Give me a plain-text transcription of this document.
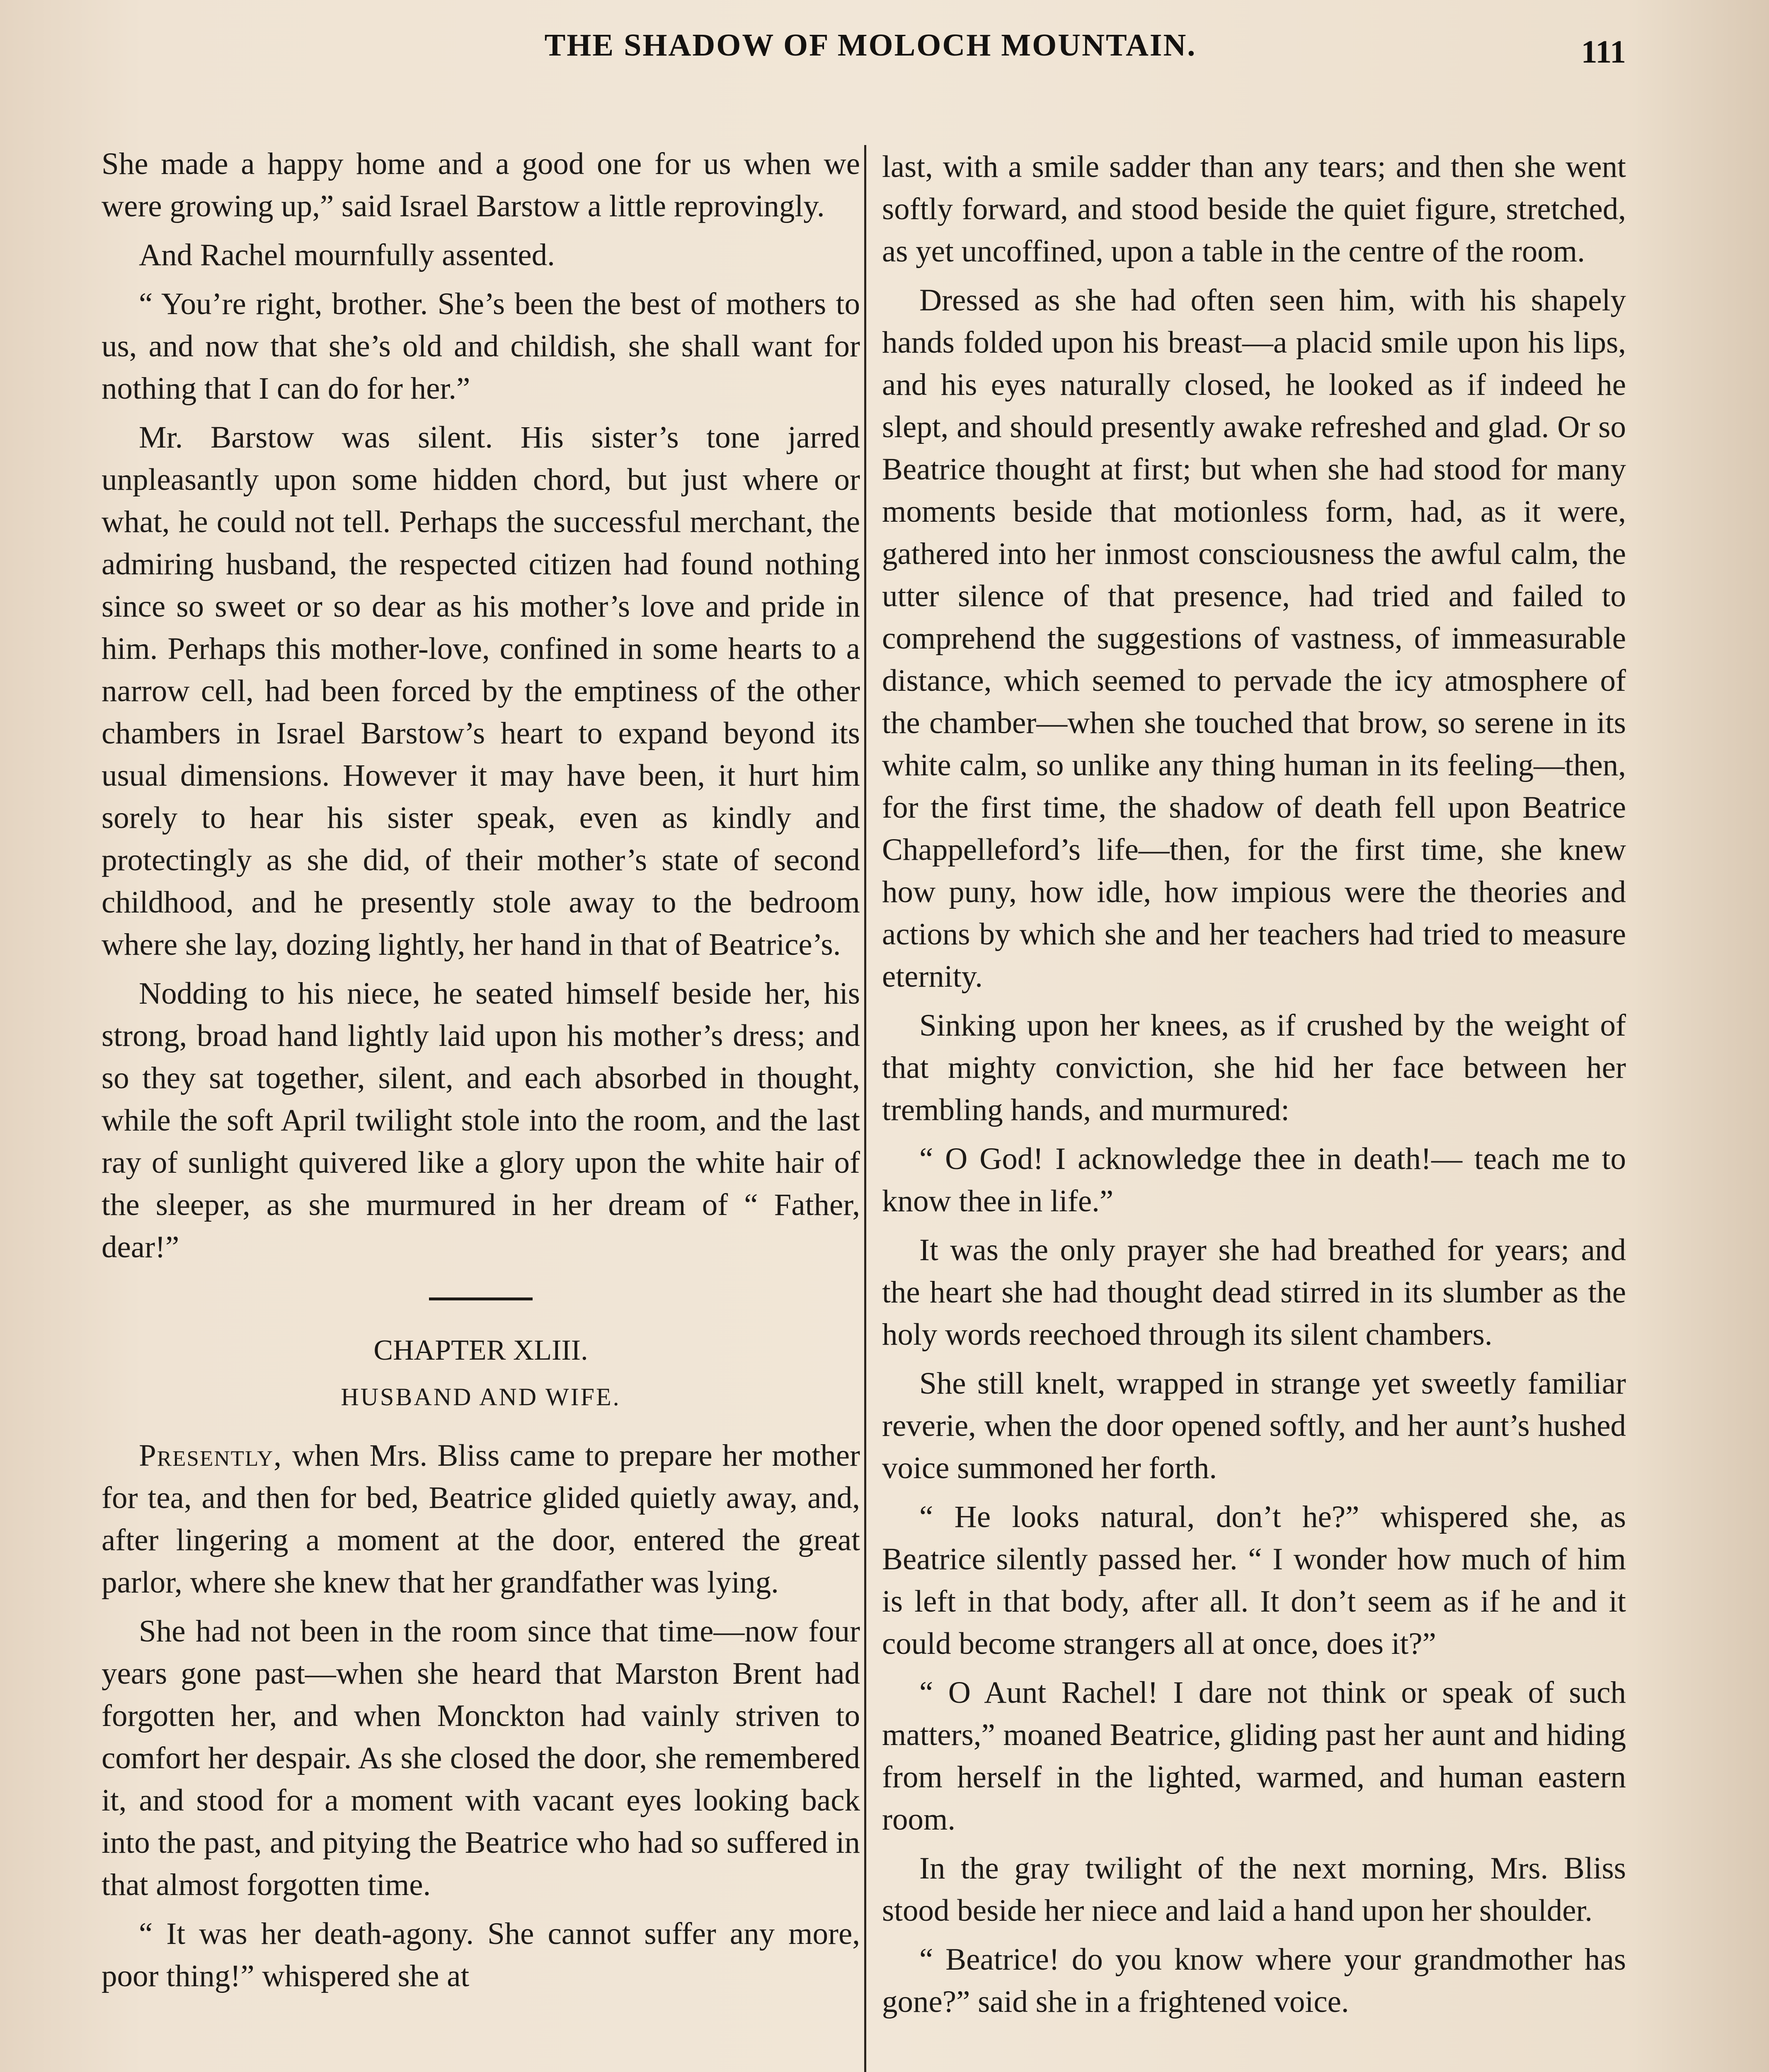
THE SHADOW OF MOLOCH MOUNTAIN.	111

She made a happy home and a good one for us when we were growing up,” said Israel Barstow a little reprovingly.

And Rachel mournfully assented.

“ You’re right, brother. She’s been the best of mothers to us, and now that she’s old and childish, she shall want for nothing that I can do for her.”

Mr. Barstow was silent. His sister’s tone jarred unpleasantly upon some hidden chord, but just where or what, he could not tell. Perhaps the successful merchant, the admiring husband, the respected citizen had found nothing since so sweet or so dear as his mother’s love and pride in him. Perhaps this mother-love, confined in some hearts to a narrow cell, had been forced by the emptiness of the other chambers in Israel Barstow’s heart to expand beyond its usual dimensions. However it may have been, it hurt him sorely to hear his sister speak, even as kindly and protectingly as she did, of their mother’s state of second childhood, and he presently stole away to the bedroom where she lay, dozing lightly, her hand in that of Beatrice’s.

Nodding to his niece, he seated himself beside her, his strong, broad hand lightly laid upon his mother’s dress; and so they sat together, silent, and each absorbed in thought, while the soft April twilight stole into the room, and the last ray of sunlight quivered like a glory upon the white hair of the sleeper, as she murmured in her dream of “ Father, dear!”

CHAPTER XLIII.

HUSBAND AND WIFE.

Presently, when Mrs. Bliss came to prepare her mother for tea, and then for bed, Beatrice glided quietly away, and, after lingering a moment at the door, entered the great parlor, where she knew that her grandfather was lying.

She had not been in the room since that time—now four years gone past—when she heard that Marston Brent had forgotten her, and when Monckton had vainly striven to comfort her despair. As she closed the door, she remembered it, and stood for a moment with vacant eyes looking back into the past, and pitying the Beatrice who had so suffered in that almost forgotten time.

“ It was her death-agony. She cannot suffer any more, poor thing!” whispered she at

last, with a smile sadder than any tears; and then she went softly forward, and stood beside the quiet figure, stretched, as yet uncoffined, upon a table in the centre of the room.

Dressed as she had often seen him, with his shapely hands folded upon his breast—a placid smile upon his lips, and his eyes naturally closed, he looked as if indeed he slept, and should presently awake refreshed and glad. Or so Beatrice thought at first; but when she had stood for many moments beside that motionless form, had, as it were, gathered into her inmost consciousness the awful calm, the utter silence of that presence, had tried and failed to comprehend the suggestions of vastness, of immeasurable distance, which seemed to pervade the icy atmosphere of the chamber—when she touched that brow, so serene in its white calm, so unlike any thing human in its feeling—then, for the first time, the shadow of death fell upon Beatrice Chappelleford’s life—then, for the first time, she knew how puny, how idle, how impious were the theories and actions by which she and her teachers had tried to measure eternity.

Sinking upon her knees, as if crushed by the weight of that mighty conviction, she hid her face between her trembling hands, and murmured:

“ O God! I acknowledge thee in death!— teach me to know thee in life.”

It was the only prayer she had breathed for years; and the heart she had thought dead stirred in its slumber as the holy words reechoed through its silent chambers.

She still knelt, wrapped in strange yet sweetly familiar reverie, when the door opened softly, and her aunt’s hushed voice summoned her forth.

“ He looks natural, don’t he?” whispered she, as Beatrice silently passed her. “ I wonder how much of him is left in that body, after all. It don’t seem as if he and it could become strangers all at once, does it?”

“ O Aunt Rachel! I dare not think or speak of such matters,” moaned Beatrice, gliding past her aunt and hiding from herself in the lighted, warmed, and human eastern room.

In the gray twilight of the next morning, Mrs. Bliss stood beside her niece and laid a hand upon her shoulder.

“ Beatrice! do you know where your grandmother has gone?” said she in a frightened voice.
